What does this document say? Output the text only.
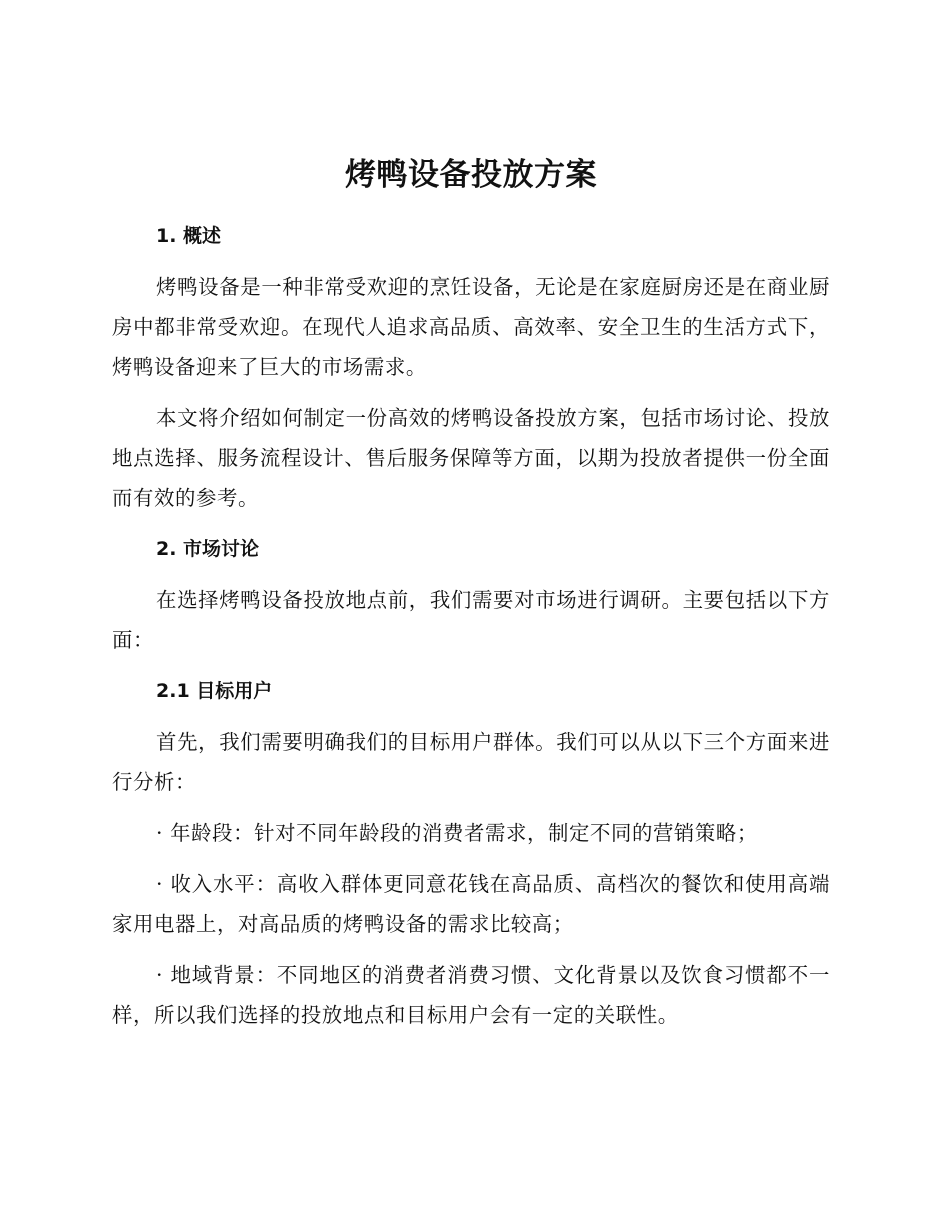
烤鸭设备投放方案
1. 概述

烤鸭设备是一种非常受欢迎的烹饪设备，无论是在家庭厨房还是在商业厨房中都非常受欢迎。在现代人追求高品质、高效率、安全卫生的生活方式下，烤鸭设备迎来了巨大的市场需求。

本文将介绍如何制定一份高效的烤鸭设备投放方案，包括市场讨论、投放地点选择、服务流程设计、售后服务保障等方面，以期为投放者提供一份全面而有效的参考。

2. 市场讨论

在选择烤鸭设备投放地点前，我们需要对市场进行调研。主要包括以下方面：

2.1 目标用户

首先，我们需要明确我们的目标用户群体。我们可以从以下三个方面来进行分析：

· 年龄段：针对不同年龄段的消费者需求，制定不同的营销策略；

· 收入水平：高收入群体更同意花钱在高品质、高档次的餐饮和使用高端家用电器上，对高品质的烤鸭设备的需求比较高；

· 地域背景：不同地区的消费者消费习惯、文化背景以及饮食习惯都不一样，所以我们选择的投放地点和目标用户会有一定的关联性。
